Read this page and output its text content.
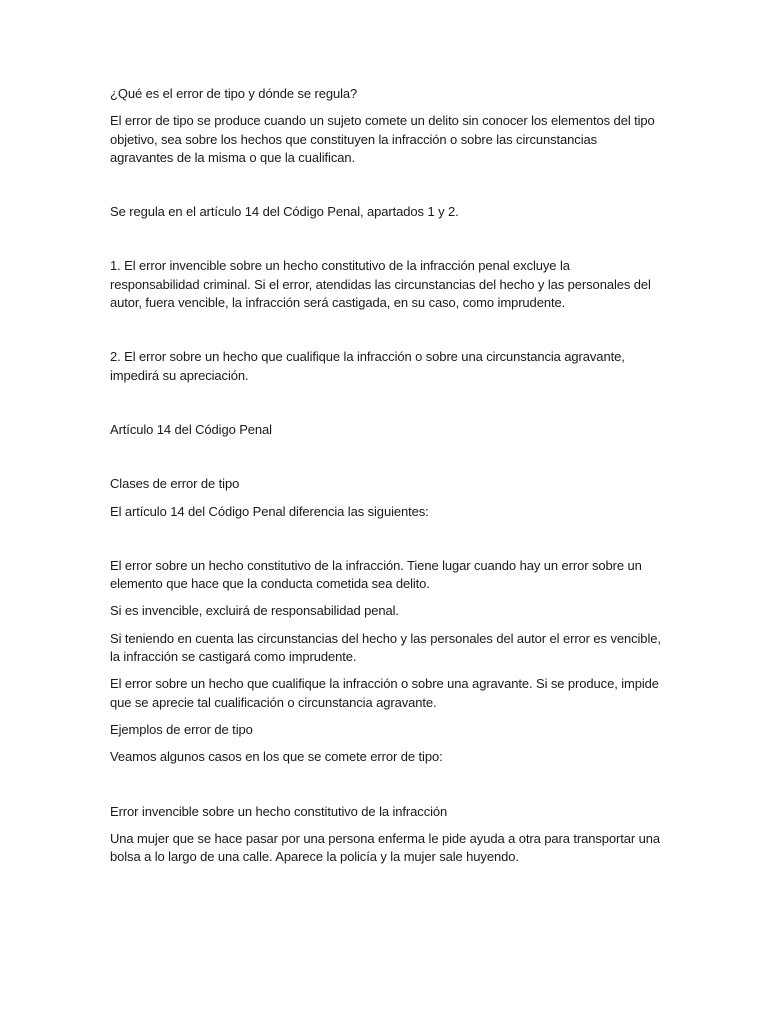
¿Qué es el error de tipo y dónde se regula?

El error de tipo se produce cuando un sujeto comete un delito sin conocer los elementos del tipo objetivo, sea sobre los hechos que constituyen la infracción o sobre las circunstancias agravantes de la misma o que la cualifican.

Se regula en el artículo 14 del Código Penal, apartados 1 y 2.

1. El error invencible sobre un hecho constitutivo de la infracción penal excluye la responsabilidad criminal. Si el error, atendidas las circunstancias del hecho y las personales del autor, fuera vencible, la infracción será castigada, en su caso, como imprudente.

2. El error sobre un hecho que cualifique la infracción o sobre una circunstancia agravante, impedirá su apreciación.

Artículo 14 del Código Penal

Clases de error de tipo

El artículo 14 del Código Penal diferencia las siguientes:

El error sobre un hecho constitutivo de la infracción. Tiene lugar cuando hay un error sobre un elemento que hace que la conducta cometida sea delito.

Si es invencible, excluirá de responsabilidad penal.

Si teniendo en cuenta las circunstancias del hecho y las personales del autor el error es vencible, la infracción se castigará como imprudente.

El error sobre un hecho que cualifique la infracción o sobre una agravante. Si se produce, impide que se aprecie tal cualificación o circunstancia agravante.

Ejemplos de error de tipo

Veamos algunos casos en los que se comete error de tipo:

Error invencible sobre un hecho constitutivo de la infracción

Una mujer que se hace pasar por una persona enferma le pide ayuda a otra para transportar una bolsa a lo largo de una calle. Aparece la policía y la mujer sale huyendo.
